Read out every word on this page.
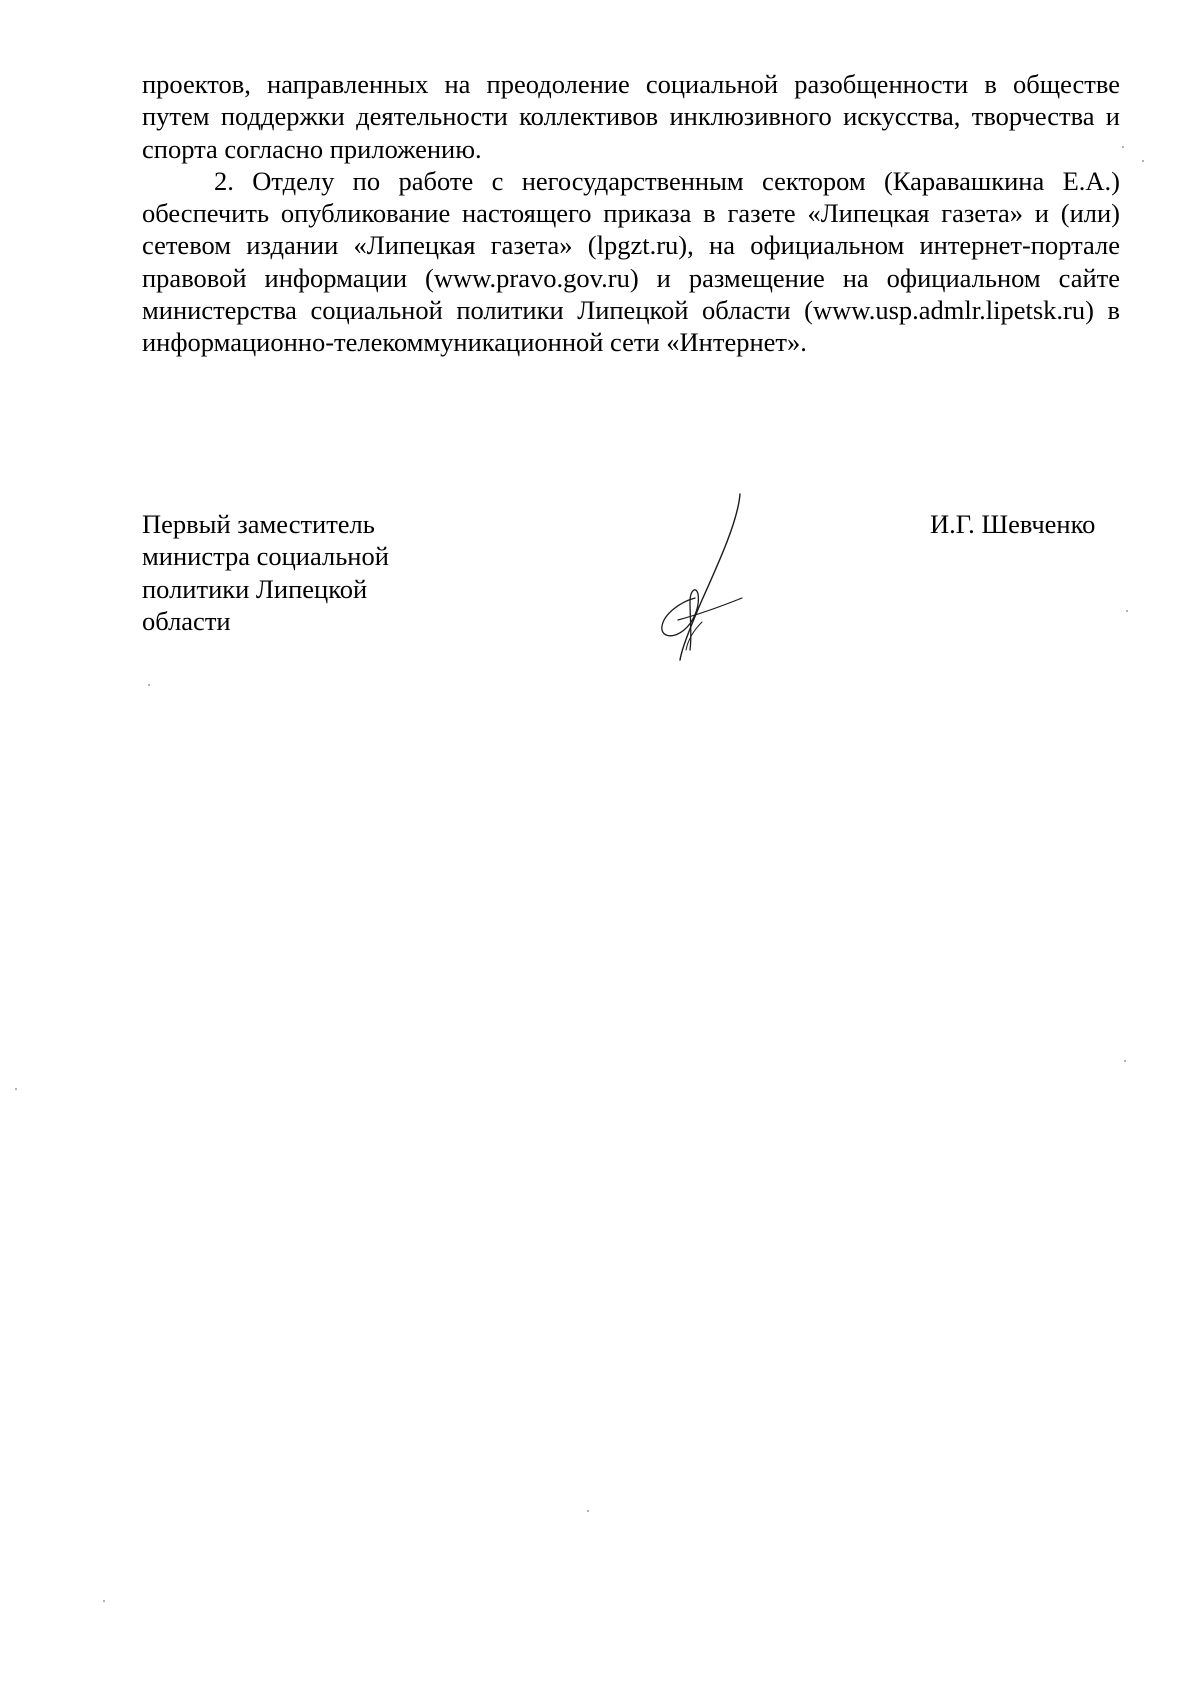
проектов, направленных на преодоление социальной разобщенности в обществе путем поддержки деятельности коллективов инклюзивного искусства, творчества и спорта согласно приложению.

2. Отделу по работе с негосударственным сектором (Каравашкина Е.А.) обеспечить опубликование настоящего приказа в газете «Липецкая газета» и (или) сетевом издании «Липецкая газета» (lpgzt.ru), на официальном интернет-портале правовой информации (www.pravo.gov.ru) и размещение на официальном сайте министерства социальной политики Липецкой области (www.usp.admlr.lipetsk.ru) в информационно-телекоммуникационной сети «Интернет».

Первый заместитель
министра социальной
политики Липецкой
области
И.Г. Шевченко
